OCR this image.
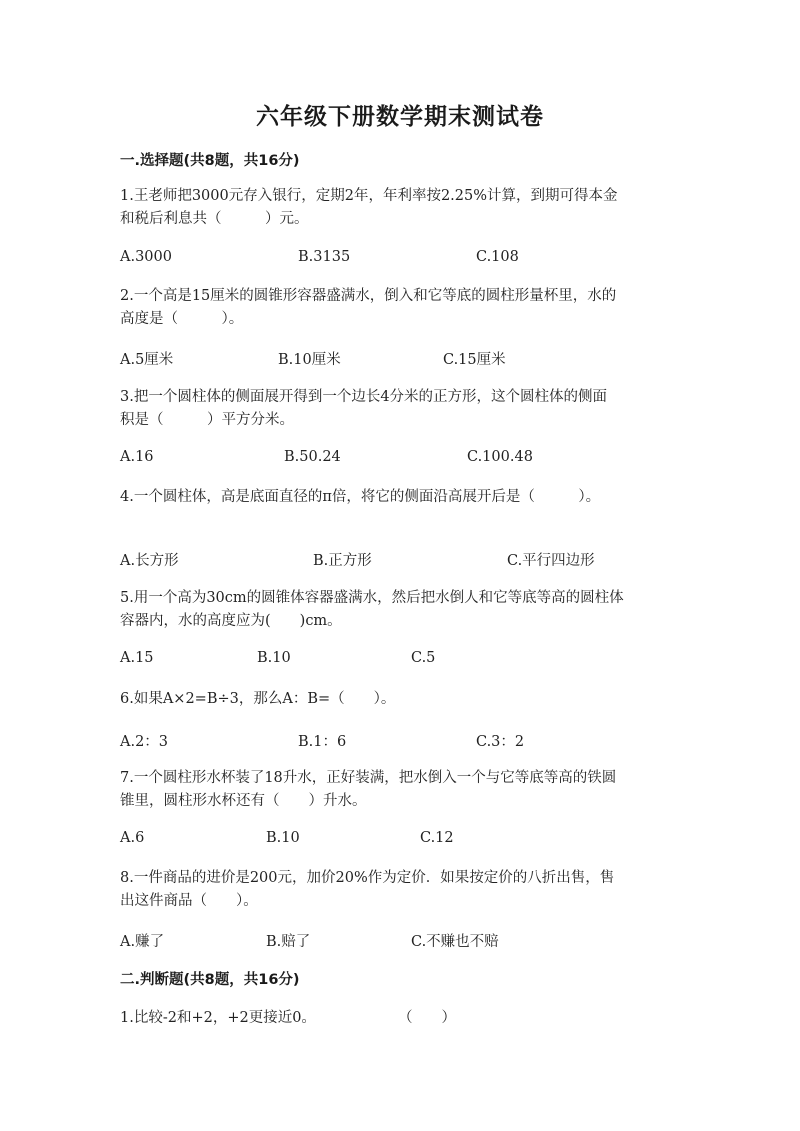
六年级下册数学期末测试卷
一.选择题(共8题，共16分)
1.王老师把3000元存入银行，定期2年，年利率按2.25%计算，到期可得本金
和税后利息共（　　　）元。
A.3000	B.3135	C.108
2.一个高是15厘米的圆锥形容器盛满水，倒入和它等底的圆柱形量杯里，水的
高度是（　　　）。
A.5厘米	B.10厘米	C.15厘米
3.把一个圆柱体的侧面展开得到一个边长4分米的正方形，这个圆柱体的侧面
积是（　　　）平方分米。
A.16	B.50.24	C.100.48
4.一个圆柱体，高是底面直径的π倍，将它的侧面沿高展开后是（　　　）。
A.长方形	B.正方形	C.平行四边形
5.用一个高为30cm的圆锥体容器盛满水，然后把水倒人和它等底等高的圆柱体
容器内，水的高度应为(　　)cm。
A.15	B.10	C.5
6.如果A×2=B÷3，那么A：B=（　　）。
A.2：3	B.1：6	C.3：2
7.一个圆柱形水杯装了18升水，正好装满，把水倒入一个与它等底等高的铁圆
锥里，圆柱形水杯还有（　　）升水。
A.6	B.10	C.12
8.一件商品的进价是200元，加价20%作为定价．如果按定价的八折出售，售
出这件商品（　　）。
A.赚了	B.赔了	C.不赚也不赔
二.判断题(共8题，共16分)
1.比较-2和+2，+2更接近0。	（　　）
